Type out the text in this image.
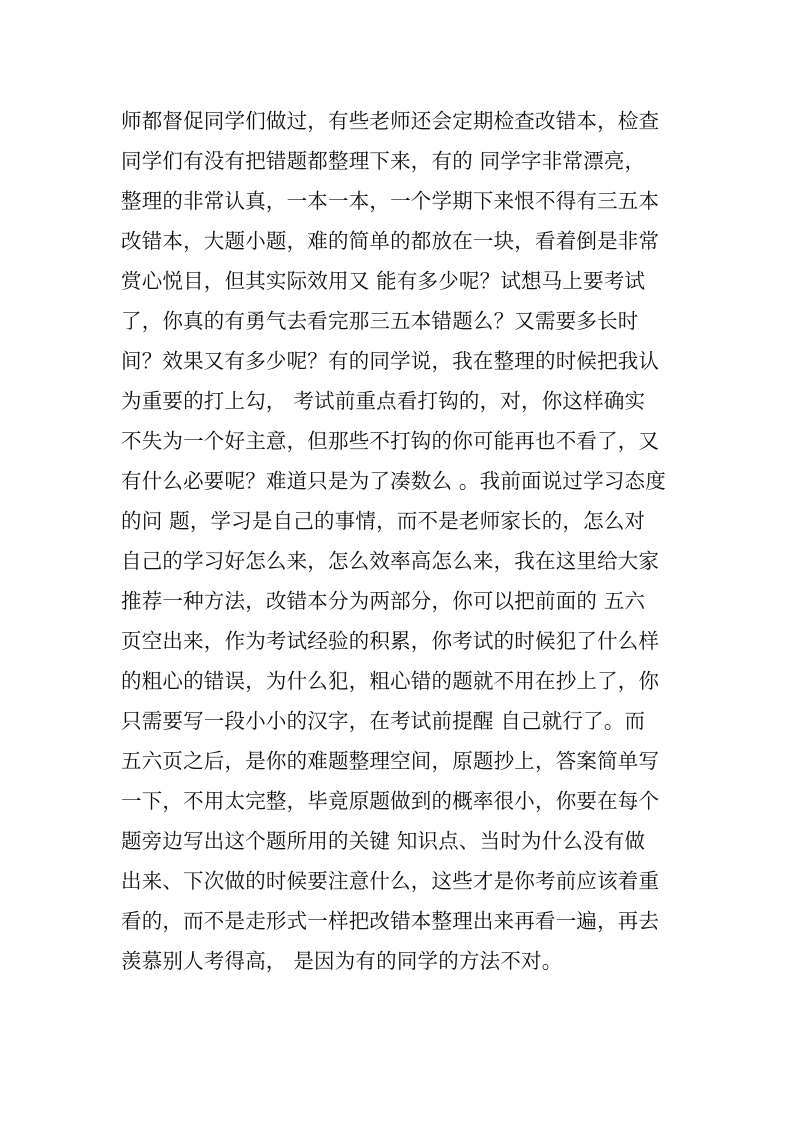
师都督促同学们做过，有些老师还会定期检查改错本，检查
同学们有没有把错题都整理下来，有的 同学字非常漂亮，
整理的非常认真，一本一本，一个学期下来恨不得有三五本
改错本，大题小题，难的简单的都放在一块，看着倒是非常
赏心悦目，但其实际效用又 能有多少呢？试想马上要考试
了，你真的有勇气去看完那三五本错题么？又需要多长时
间？效果又有多少呢？有的同学说，我在整理的时候把我认
为重要的打上勾， 考试前重点看打钩的，对，你这样确实
不失为一个好主意，但那些不打钩的你可能再也不看了，又
有什么必要呢？难道只是为了凑数么 。我前面说过学习态度
的问 题，学习是自己的事情，而不是老师家长的，怎么对
自己的学习好怎么来，怎么效率高怎么来，我在这里给大家
推荐一种方法，改错本分为两部分，你可以把前面的 五六
页空出来，作为考试经验的积累，你考试的时候犯了什么样
的粗心的错误，为什么犯，粗心错的题就不用在抄上了，你
只需要写一段小小的汉字，在考试前提醒 自己就行了。而
五六页之后，是你的难题整理空间，原题抄上，答案简单写
一下，不用太完整，毕竟原题做到的概率很小，你要在每个
题旁边写出这个题所用的关键 知识点、当时为什么没有做
出来、下次做的时候要注意什么，这些才是你考前应该着重
看的，而不是走形式一样把改错本整理出来再看一遍，再去
羡慕别人考得高， 是因为有的同学的方法不对。
